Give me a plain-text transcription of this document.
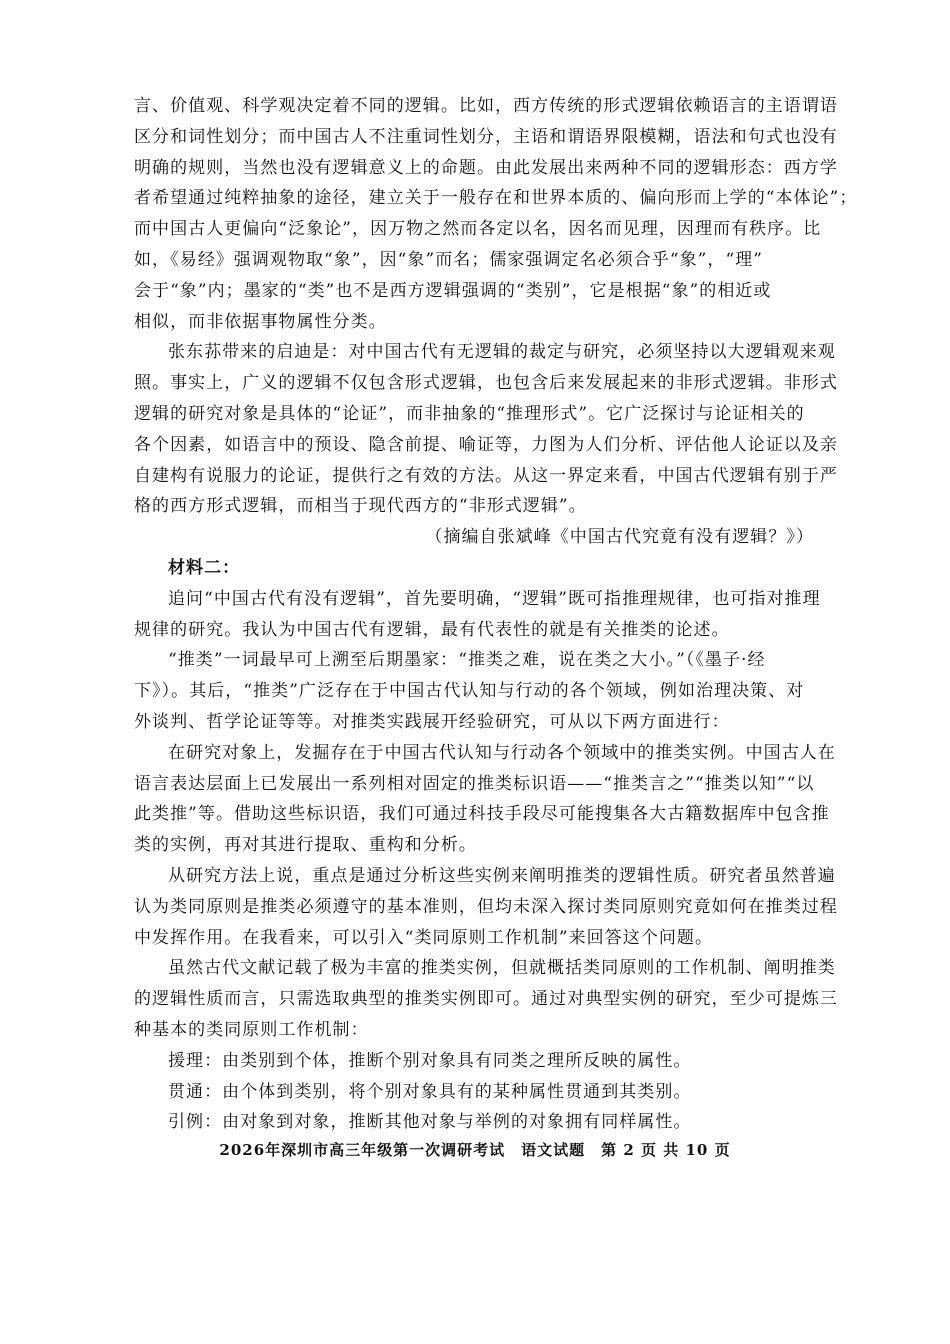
言、价值观、科学观决定着不同的逻辑。比如，西方传统的形式逻辑依赖语言的主语谓语
区分和词性划分；而中国古人不注重词性划分，主语和谓语界限模糊，语法和句式也没有
明确的规则，当然也没有逻辑意义上的命题。由此发展出来两种不同的逻辑形态：西方学
者希望通过纯粹抽象的途径，建立关于一般存在和世界本质的、偏向形而上学的“本体论”；
而中国古人更偏向“泛象论”，因万物之然而各定以名，因名而见理，因理而有秩序。比
如，《易经》强调观物取“象”，因“象”而名；儒家强调定名必须合乎“象”，“理”
会于“象”内；墨家的“类”也不是西方逻辑强调的“类别”，它是根据“象”的相近或
相似，而非依据事物属性分类。
张东荪带来的启迪是：对中国古代有无逻辑的裁定与研究，必须坚持以大逻辑观来观
照。事实上，广义的逻辑不仅包含形式逻辑，也包含后来发展起来的非形式逻辑。非形式
逻辑的研究对象是具体的“论证”，而非抽象的“推理形式”。它广泛探讨与论证相关的
各个因素，如语言中的预设、隐含前提、喻证等，力图为人们分析、评估他人论证以及亲
自建构有说服力的论证，提供行之有效的方法。从这一界定来看，中国古代逻辑有别于严
格的西方形式逻辑，而相当于现代西方的“非形式逻辑”。
（摘编自张斌峰《中国古代究竟有没有逻辑？》）
材料二：
追问“中国古代有没有逻辑”，首先要明确，“逻辑”既可指推理规律，也可指对推理
规律的研究。我认为中国古代有逻辑，最有代表性的就是有关推类的论述。
“推类”一词最早可上溯至后期墨家：“推类之难，说在类之大小。”（《墨子·经
下》）。其后，“推类”广泛存在于中国古代认知与行动的各个领域，例如治理决策、对
外谈判、哲学论证等等。对推类实践展开经验研究，可从以下两方面进行：
在研究对象上，发掘存在于中国古代认知与行动各个领域中的推类实例。中国古人在
语言表达层面上已发展出一系列相对固定的推类标识语——“推类言之”“推类以知”“以
此类推”等。借助这些标识语，我们可通过科技手段尽可能搜集各大古籍数据库中包含推
类的实例，再对其进行提取、重构和分析。
从研究方法上说，重点是通过分析这些实例来阐明推类的逻辑性质。研究者虽然普遍
认为类同原则是推类必须遵守的基本准则，但均未深入探讨类同原则究竟如何在推类过程
中发挥作用。在我看来，可以引入“类同原则工作机制”来回答这个问题。
虽然古代文献记载了极为丰富的推类实例，但就概括类同原则的工作机制、阐明推类
的逻辑性质而言，只需选取典型的推类实例即可。通过对典型实例的研究，至少可提炼三
种基本的类同原则工作机制：
援理：由类别到个体，推断个别对象具有同类之理所反映的属性。
贯通：由个体到类别，将个别对象具有的某种属性贯通到其类别。
引例：由对象到对象，推断其他对象与举例的对象拥有同样属性。
2026年深圳市高三年级第一次调研考试　语文试题　第 2 页 共 10 页
